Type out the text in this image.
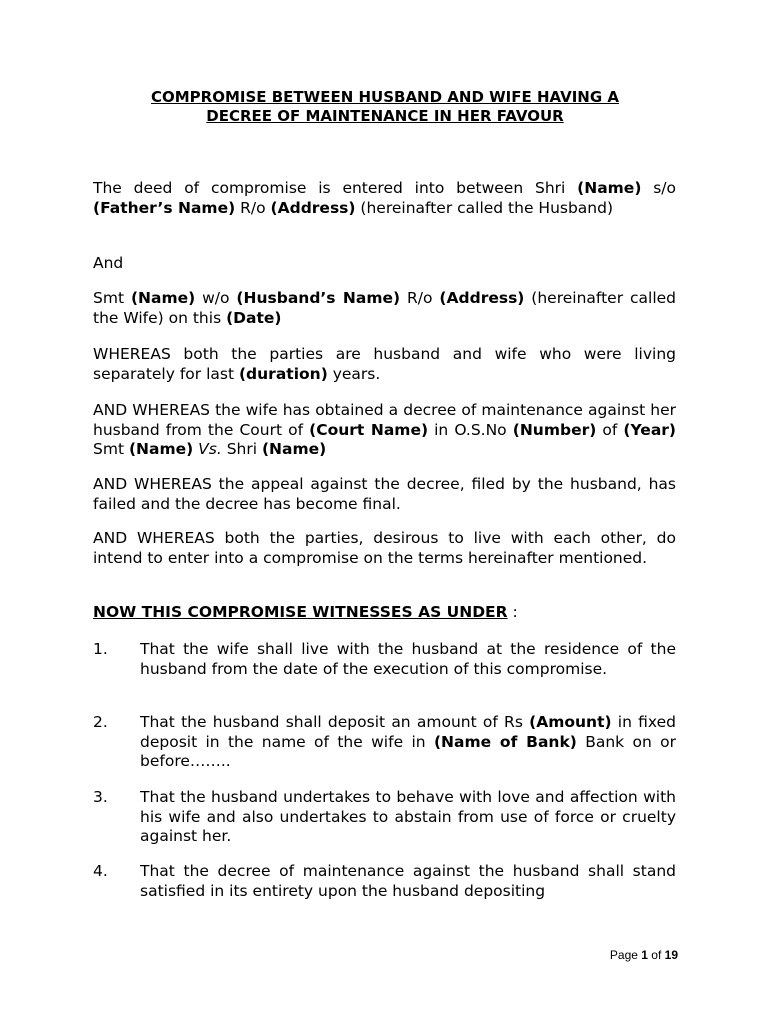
COMPROMISE BETWEEN HUSBAND AND WIFE HAVING A
DECREE OF MAINTENANCE IN HER FAVOUR
The deed of compromise is entered into between Shri (Name) s/o (Father’s Name) R/o (Address) (hereinafter called the Husband)
And
Smt (Name) w/o (Husband’s Name) R/o (Address) (hereinafter called the Wife) on this (Date)
WHEREAS both the parties are husband and wife who were living separately for last (duration) years.
AND WHEREAS the wife has obtained a decree of maintenance against her husband from the Court of (Court Name) in O.S.No (Number) of (Year) Smt (Name) Vs. Shri (Name)
AND WHEREAS the appeal against the decree, filed by the husband, has failed and the decree has become final.
AND WHEREAS both the parties, desirous to live with each other, do intend to enter into a compromise on the terms hereinafter mentioned.
NOW THIS COMPROMISE WITNESSES AS UNDER :
1.	That the wife shall live with the husband at the residence of the husband from the date of the execution of this compromise.
2.	That the husband shall deposit an amount of Rs (Amount) in fixed deposit in the name of the wife in (Name of Bank) Bank on or before……..
3.	That the husband undertakes to behave with love and affection with his wife and also undertakes to abstain from use of force or cruelty against her.
4.	That the decree of maintenance against the husband shall stand satisfied in its entirety upon the husband depositing
Page 1 of 19
